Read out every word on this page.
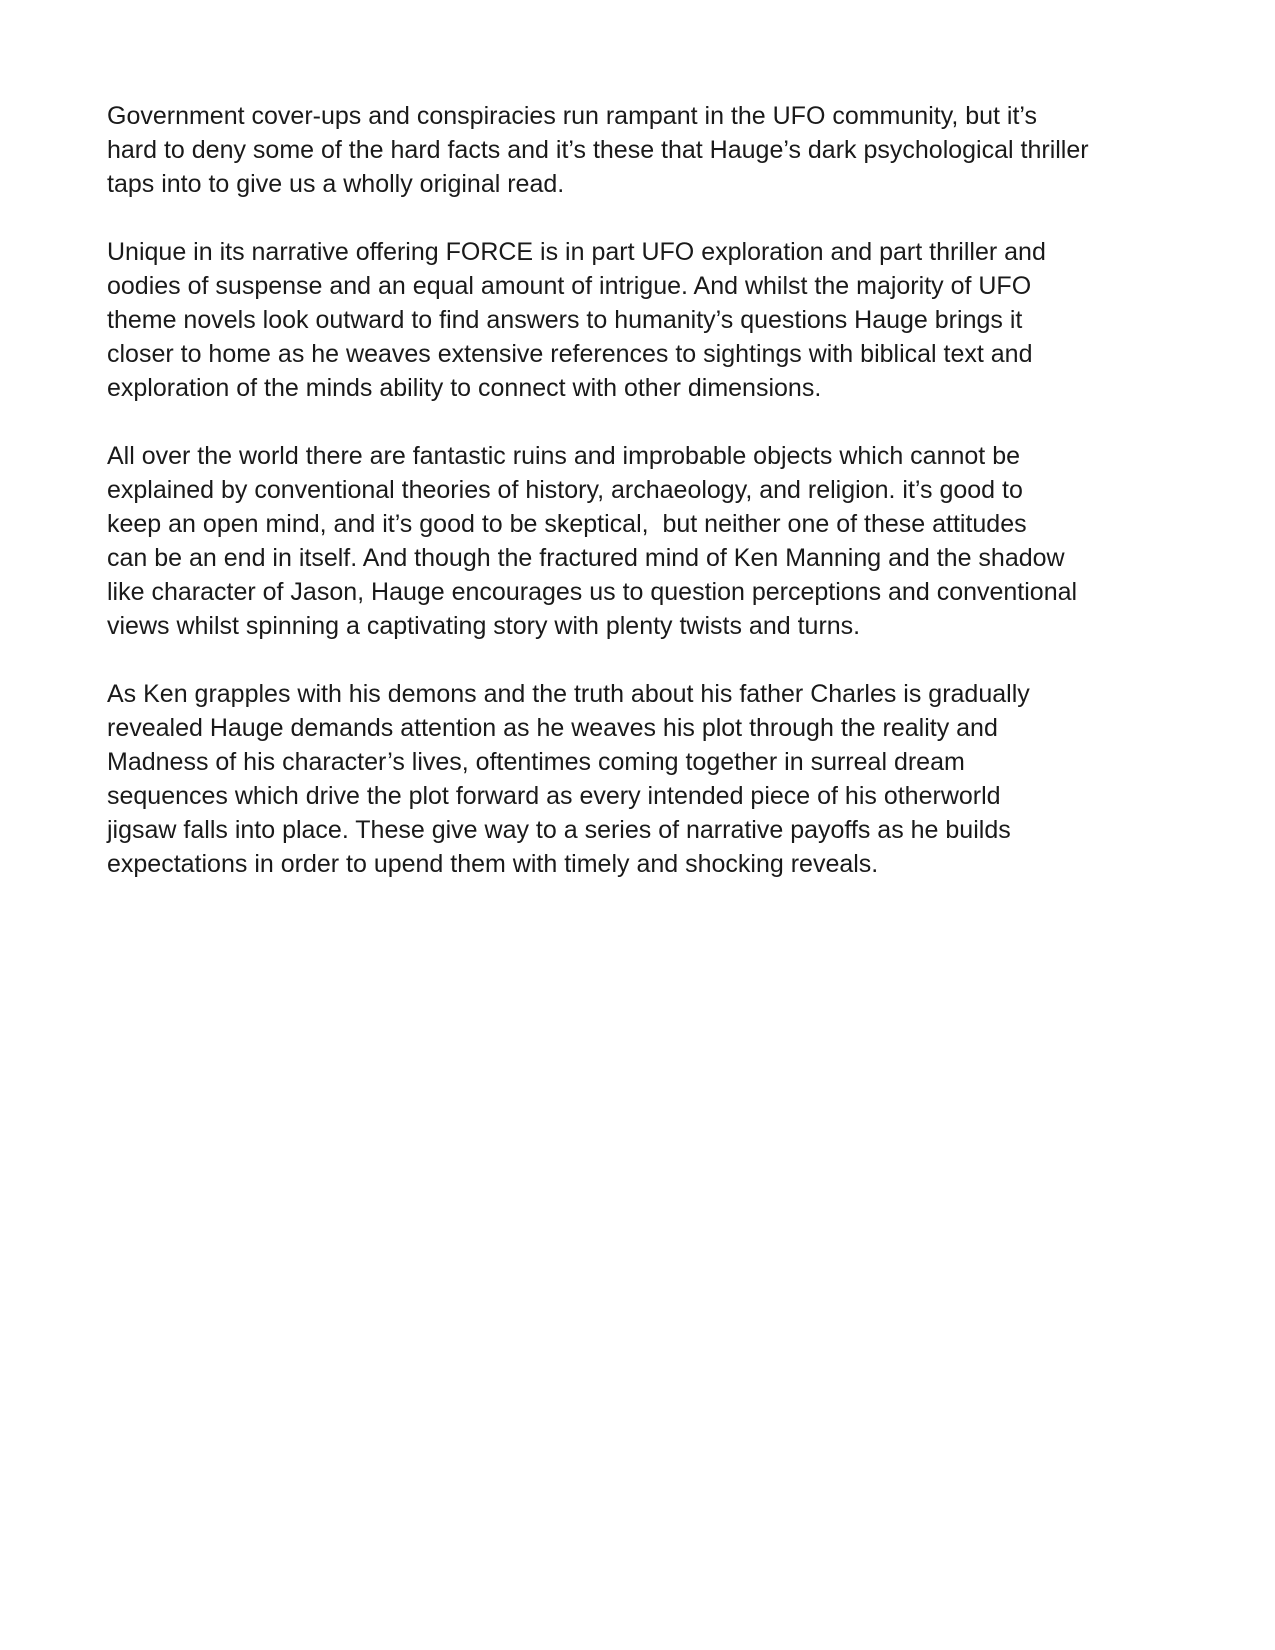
Government cover-ups and conspiracies run rampant in the UFO community, but it’s
hard to deny some of the hard facts and it’s these that Hauge’s dark psychological thriller
taps into to give us a wholly original read.

Unique in its narrative offering FORCE is in part UFO exploration and part thriller and
oodies of suspense and an equal amount of intrigue. And whilst the majority of UFO
theme novels look outward to find answers to humanity’s questions Hauge brings it
closer to home as he weaves extensive references to sightings with biblical text and
exploration of the minds ability to connect with other dimensions.

All over the world there are fantastic ruins and improbable objects which cannot be
explained by conventional theories of history, archaeology, and religion. it’s good to
keep an open mind, and it’s good to be skeptical,  but neither one of these attitudes
can be an end in itself. And though the fractured mind of Ken Manning and the shadow
like character of Jason, Hauge encourages us to question perceptions and conventional
views whilst spinning a captivating story with plenty twists and turns.

As Ken grapples with his demons and the truth about his father Charles is gradually
revealed Hauge demands attention as he weaves his plot through the reality and
Madness of his character’s lives, oftentimes coming together in surreal dream
sequences which drive the plot forward as every intended piece of his otherworld
jigsaw falls into place. These give way to a series of narrative payoffs as he builds
expectations in order to upend them with timely and shocking reveals.
